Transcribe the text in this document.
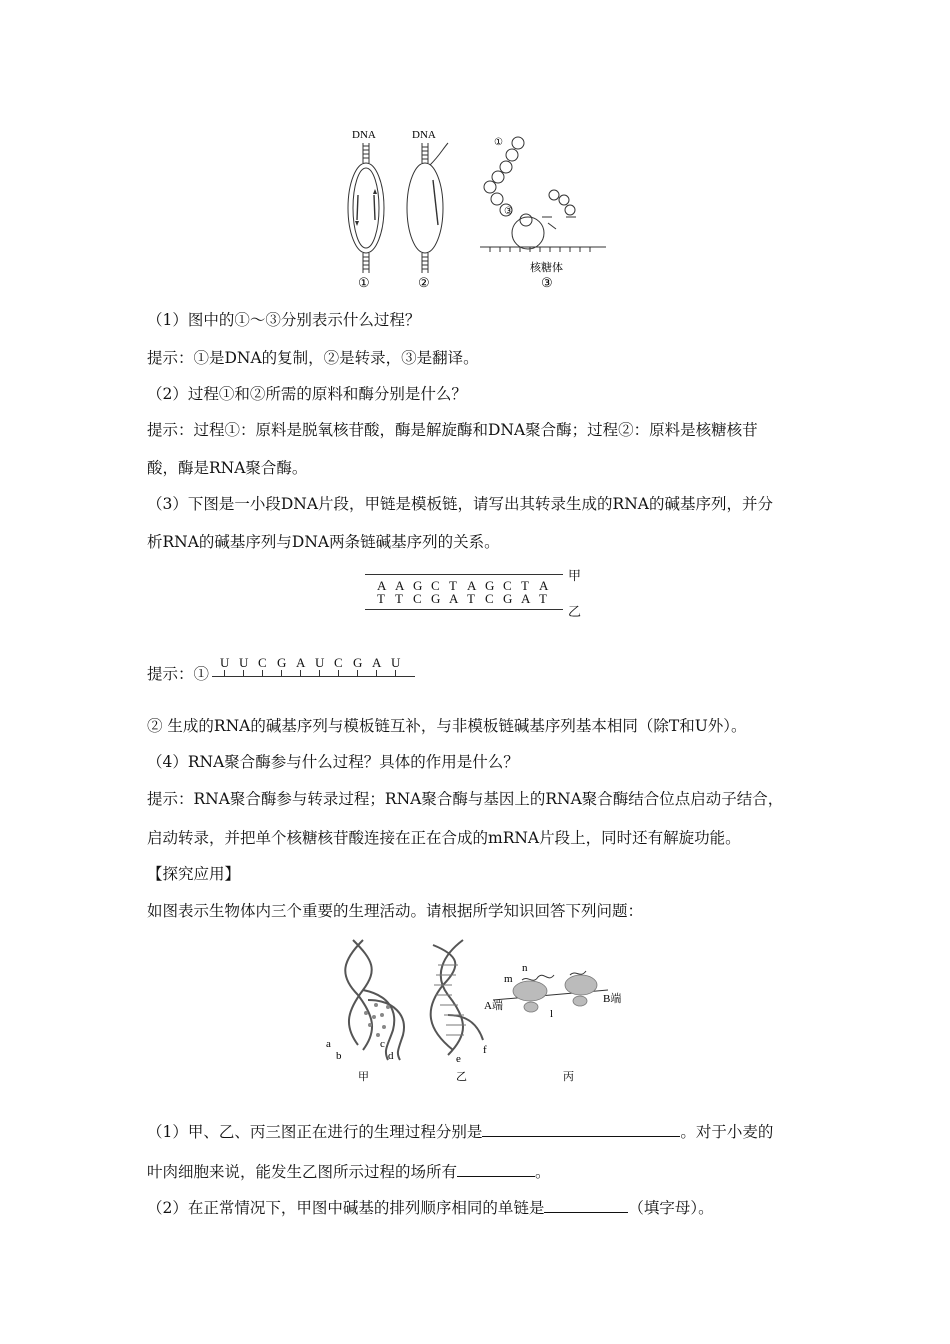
DNA
①
DNA
②
①
③
核糖体
③
（1）图中的①～③分别表示什么过程？
提示：①是DNA的复制，②是转录，③是翻译。
（2）过程①和②所需的原料和酶分别是什么？
提示：过程①：原料是脱氧核苷酸，酶是解旋酶和DNA聚合酶；过程②：原料是核糖核苷
酸，酶是RNA聚合酶。
（3）下图是一小段DNA片段，甲链是模板链，请写出其转录生成的RNA的碱基序列，并分
析RNA的碱基序列与DNA两条链碱基序列的关系。
甲
A A G C T A G C T A
T T C G A T C G A T
乙
提示：①
U U C G A U C G A U
② 生成的RNA的碱基序列与模板链互补，与非模板链碱基序列基本相同（除T和U外）。
（4）RNA聚合酶参与什么过程？具体的作用是什么？
提示：RNA聚合酶参与转录过程；RNA聚合酶与基因上的RNA聚合酶结合位点启动子结合，
启动转录，并把单个核糖核苷酸连接在正在合成的mRNA片段上，同时还有解旋功能。
【探究应用】
如图表示生物体内三个重要的生理活动。请根据所学知识回答下列问题：
a
b
c
d
甲
e
f
乙
m
n
l
A端
B端
丙
（1）甲、乙、丙三图正在进行的生理过程分别是	。对于小麦的
叶肉细胞来说，能发生乙图所示过程的场所有	。
（2）在正常情况下，甲图中碱基的排列顺序相同的单链是	（填字母）。
